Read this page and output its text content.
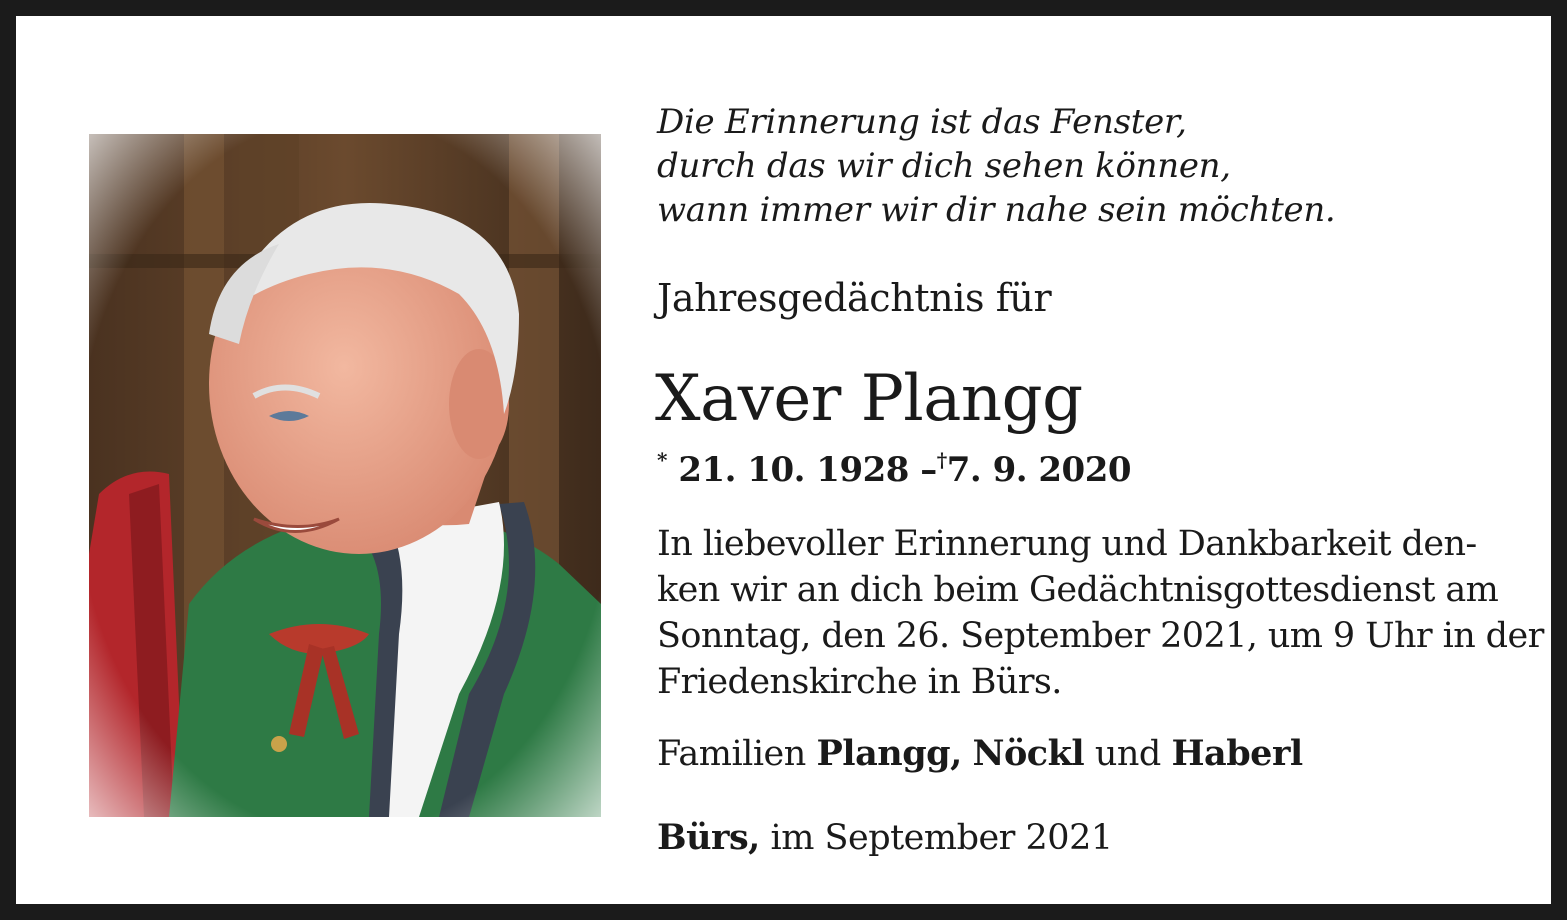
Die Erinnerung ist das Fenster,
durch das wir dich sehen können,
wann immer wir dir nahe sein möchten.
Jahresgedächtnis für
Xaver Plangg
* 21. 10. 1928 –†7. 9. 2020
In liebevoller Erinnerung und Dankbarkeit den-
ken wir an dich beim Gedächtnisgottesdienst am
Sonntag, den 26. September 2021, um 9 Uhr in der
Friedenskirche in Bürs.
Familien Plangg, Nöckl und Haberl
Bürs, im September 2021
